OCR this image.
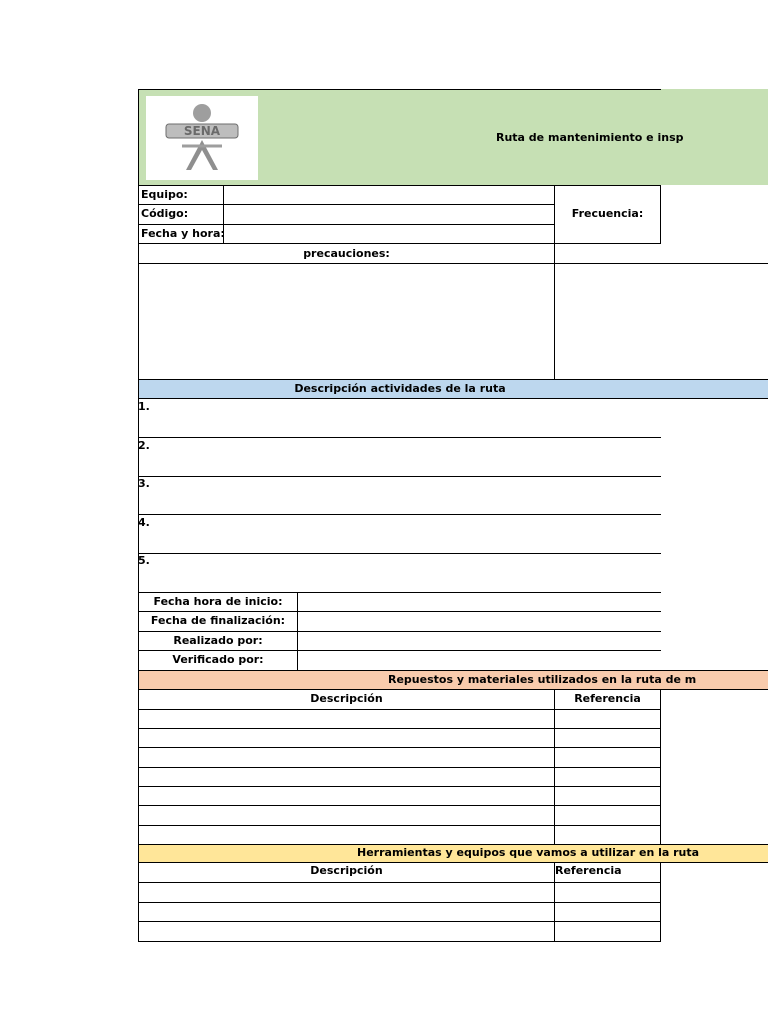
SENA	Ruta de mantenimiento e insp
Equipo:
Código:
Fecha y hora:
Frecuencia:
precauciones:
Descripción actividades de la ruta
1.
2.
3.
4.
5.
Fecha hora de inicio:
Fecha de finalización:
Realizado por:
Verificado por:
Repuestos y materiales utilizados en la ruta de m
Descripción	Referencia
Herramientas y equipos que vamos a utilizar en la ruta
Descripción	Referencia
